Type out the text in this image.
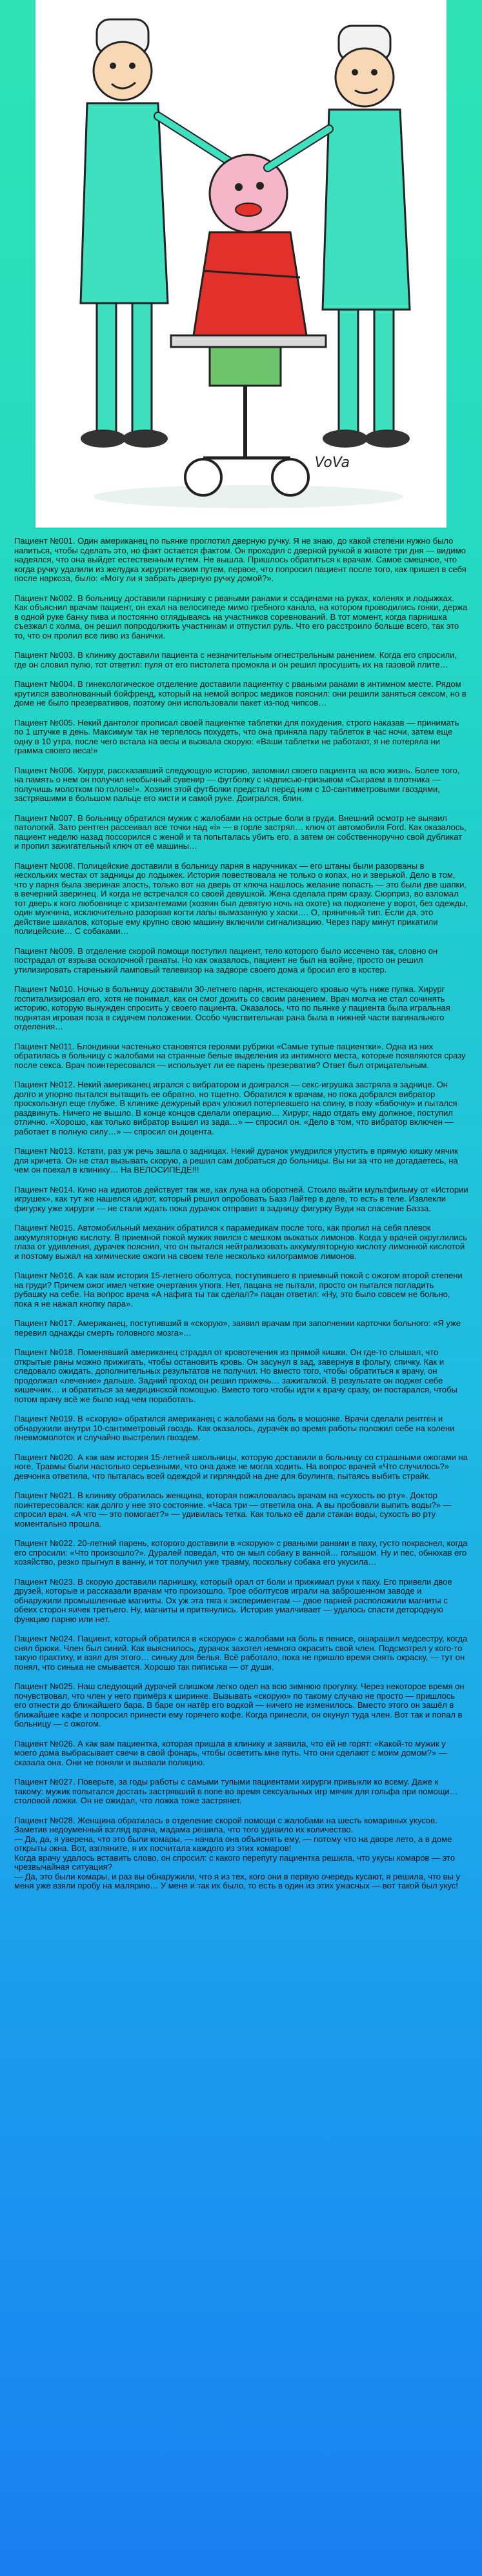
VoVa

Пациент №001. Один американец по пьянке проглотил дверную ручку. Я не знаю, до какой степени нужно было напиться, чтобы сделать это, но факт остается фактом. Он проходил с дверной ручкой в животе три дня — видимо надеялся, что она выйдет естественным путем. Не вышла. Пришлось обратиться к врачам. Самое смешное, что когда ручку удалили из желудка хирургическим путем, первое, что попросил пациент после того, как пришел в себя после наркоза, было: «Могу ли я забрать дверную ручку домой?».

Пациент №002. В больницу доставили парнишку с рваными ранами и ссадинами на руках, коленях и лодыжках. Как объяснил врачам пациент, он ехал на велосипеде мимо гребного канала, на котором проводились гонки, держа в одной руке банку пива и постоянно оглядываясь на участников соревнований. В тот момент, когда парнишка съезжал с холма, он решил попродолжить участникам и отпустил руль. Что его расстроило больше всего, так это то, что он пролил все пиво из банички.

Пациент №003. В клинику доставили пациента с незначительным огнестрельным ранением. Когда его спросили, где он словил пулю, тот ответил: пуля от его пистолета промокла и он решил просушить их на газовой плите…

Пациент №004. В гинекологическое отделение доставили пациентку с рваными ранами в интимном месте. Рядом крутился взволнованный бойфренд, который на немой вопрос медиков пояснил: они решили заняться сексом, но в доме не было презервативов, поэтому они использовали пакет из-под чипсов…

Пациент №005. Некий дантолог прописал своей пациентке таблетки для похудения, строго наказав — принимать по 1 штучке в день. Максимум так не терпелось похудеть, что она приняла пару таблеток в час ночи, затем еще одну в 10 утра, после чего встала на весы и вызвала скорую: «Ваши таблетки не работают, я не потеряла ни грамма своего веса!»

Пациент №006. Хирург, рассказавший следующую историю, запомнил своего пациента на всю жизнь. Более того, на память о нем он получил необычный сувенир — футболку с надписью-призывом «Сыграем в плотника — получишь молотком по голове!». Хозяин этой футболки предстал перед ним с 10-сантиметровыми гвоздями, застрявшими в большом пальце его кисти и самой руке. Доигрался, блин.

Пациент №007. В больницу обратился мужик с жалобами на острые боли в груди. Внешний осмотр не выявил патологий. Зато рентген рассеивал все точки над «i» — в горле застрял… ключ от автомобиля Ford. Как оказалось, пациент неделю назад поссорился с женой и та попыталась убить его, а затем он собственноручно свой дубликат и пропил зажигательный ключ от её машины…

Пациент №008. Полицейские доставили в больницу парня в наручниках — его штаны были разорваны в нескольких местах от задницы до лодыжек. История повествовала не только о копах, но и зверькой. Дело в том, что у парня была звериная злость, только вот на дверь от ключа нашлось желание попасть — это были две шапки, в вечерний зверинец. И когда не встречался со своей девушкой. Жена сделала прям сразу. Сюрприз, во взломал тот дверь к кого любовнице с хризантемами (хозяин был девятую ночь на охоте) на подколене у ворот, без одежды, один мужчина, исключительно разорвав когти лапы вымазанную у хаски…. О, пряничный тип. Если да, это действие шакалов, которые ему крупно свою машину включили сигнализацию. Через пару минут прикатили полицейские… С собаками…

Пациент №009. В отделение скорой помощи поступил пациент, тело которого было иссечено так, словно он пострадал от взрыва осколочной гранаты. Но как оказалось, пациент не был на войне, просто он решил утилизировать старенький ламповый телевизор на задворе своего дома и бросил его в костер.

Пациент №010. Ночью в больницу доставили 30-летнего парня, истекающего кровью чуть ниже пупка. Хирург госпитализировал его, хотя не понимал, как он смог дожить со своим ранением. Врач молча не стал сочинять историю, которую вынужден спросить у своего пациента. Оказалось, что по пьянке у пациента была игральная поднятая игровая поза в сидячем положении. Особо чувствительная рана была в нижней части вагинального отделения…

Пациент №011. Блондинки частенько становятся героями рубрики «Самые тупые пациентки». Одна из них обратилась в больницу с жалобами на странные белые выделения из интимного места, которые появляются сразу после секса. Врач поинтересовался — использует ли ее парень презерватив? Ответ был отрицательным.

Пациент №012. Некий американец игрался с вибратором и доигрался — секс-игрушка застряла в заднице. Он долго и упорно пытался вытащить ее обратно, но тщетно. Обратился к врачам, но пока добрался вибратор проскользнул еще глубже. В клинике дежурный врач уложил потерпевшего на спину, в позу «бабочку» и пытался раздвинуть. Ничего не вышло. В конце концов сделали операцию… Хирург, надо отдать ему должное, поступил отлично. «Хорошо, как только вибратор вышел из зада…» — спросил он. «Дело в том, что вибратор включен — работает в полную силу…» — спросил он доцента.

Пациент №013. Кстати, раз уж речь зашла о задницах. Некий дурачок умудрился упустить в прямую кишку мячик для кричета. Он не стал вызывать скорую, а решил сам добраться до больницы. Вы ни за что не догадаетесь, на чем он поехал в клинику… На ВЕЛОСИПЕДЕ!!!

Пациент №014. Кино на идиотов действует так же, как луна на оборотней. Стоило выйти мультфильму от «Истории игрушек», как тут же нашелся идиот, который решил опробовать Базз Лайтер в деле, то есть в теле. Извлекли фигурку уже хирурги — не стали ждать пока дурачок отправит в задницу фигурку Вуди на спасение Базза.

Пациент №015. Автомобильный механик обратился к парамедикам после того, как пролил на себя плевок аккумуляторную кислоту. В приемной покой мужик явился с мешком выжатых лимонов. Когда у врачей округлились глаза от удивления, дурачек пояснил, что он пытался нейтрализовать аккумуляторную кислоту лимонной кислотой и поэтому выжал на химические ожоги на своем теле несколько килограммов лимонов.

Пациент №016. А как вам история 15-летнего оболтуса, поступившего в приемный покой с ожогом второй степени на груди? Причем ожог имел четкие очертания утюга. Нет, пацана не пытали, просто он пытался погладить рубашку на себе. На вопрос врача «А нафига ты так сделал?» пацан ответил: «Ну, это было совсем не больно, пока я не нажал кнопку пара».

Пациент №017. Американец, поступивший в «скорую», заявил врачам при заполнении карточки больного: «Я уже перевил однажды смерть головного мозга»…

Пациент №018. Поменявший американец страдал от кровотечения из прямой кишки. Он где-то слышал, что открытые раны можно прижигать, чтобы остановить кровь. Он засунул в зад, завернув в фольгу, спичку. Как и следовало ожидать, дополнительных результатов не получил. Но вместо того, чтобы обратиться к врачу, он продолжал «лечение» дальше. Задний проход он решил прижечь… зажигалкой. В результате он поджег себе кишечник… и обратиться за медицинской помощью. Вместо того чтобы идти к врачу сразу, он постарался, чтобы потом врачу всё же было над чем поработать.

Пациент №019. В «скорую» обратился американец с жалобами на боль в мошонке. Врачи сделали рентген и обнаружили внутри 10-сантиметровый гвоздь. Как оказалось, дурачёк во время работы положил себе на колени пневмомолоток и случайно выстрелил гвоздем.

Пациент №020. А как вам история 15-летней школьницы, которую доставили в больницу со страшными ожогами на ноге. Травмы были настолько серьезными, что она даже не могла ходить. На вопрос врачей «Что случилось?» девчонка ответила, что пыталась всей одеждой и гирляндой на дне для боулинга, пытаясь выбить страйк.

Пациент №021. В клинику обратилась женщина, которая пожаловалась врачам на «сухость во рту». Доктор поинтересовался: как долго у нее это состояние. «Часа три — ответила она. А вы пробовали выпить воды?» — спросил врач. «А что — это помогает?» — удивилась тетка. Как только её дали стакан воды, сухость во рту моментально прошла.

Пациент №022. 20-летний парень, которого доставили в «скорую» с рваными ранами в паху, густо покраснел, когда его спросили: «Что произошло?». Дуралей поведал, что он мыл собаку в ванной… голышом. Ну и пес, обнюхав его хозяйство, резко прыгнул в ванну, и тот получил уже травму, поскольку собака его укусила…

Пациент №023. В скорую доставили парнишку, который орал от боли и прижимал руки к паху. Его привели двое друзей, которые и рассказали врачам что произошло. Трое оболтусов играли на заброшенном заводе и обнаружили промышленные магниты. Ох уж эта тяга к экспериментам — двое парней расположили магниты с обеих сторон яичек третьего. Ну, магниты и притянулись. История умалчивает — удалось спасти детородную функцию парню или нет.

Пациент №024. Пациент, который обратился в «скорую» с жалобами на боль в пенисе, ошарашил медсестру, когда снял брюки. Член был синий. Как выяснилось, дурачок захотел немного окрасить свой член. Подсмотрел у кого-то такую практику, и взял для этого… синьку для белья. Всё работало, пока не пришло время снять окраску, — тут он понял, что синька не смывается. Хорошо так пиписька — от души.

Пациент №025. Наш следующий дурачей слишком легко одел на всю зимнюю прогулку. Через некоторое время он почувствовал, что член у него примёрз к ширинке. Вызывать «скорую» по такому случаю не просто — пришлось его отнести до ближайшего бара. В баре он натёр его водкой — ничего не изменилось. Вместо этого он зашёл в ближайшее кафе и попросил принести ему горячего кофе. Когда принесли, он окунул туда член. Вот так и попал в больницу — с ожогом.

Пациент №026. А как вам пациентка, которая пришла в клинику и заявила, что ей не горят: «Какой-то мужик у моего дома выбрасывает свечи в свой фонарь, чтобы осветить мне путь. Что они сделают с моим домом?» — сказала она. Они не поняли и вызвали полицию.

Пациент №027. Поверьте, за годы работы с самыми тупыми пациентами хирурги привыкли ко всему. Даже к такому: мужик попытался достать застрявший в попе во время сексуальных игр мячик для гольфа при помощи… столовой ложки. Он не ожидал, что ложка тоже застрянет.

Пациент №028. Женщина обратилась в отделение скорой помощи с жалобами на шесть комариных укусов. Заметив недоуменный взгляд врача, мадама решила, что того удивило их количество.
— Да, да, я уверена, что это были комары, — начала она объяснять ему, — потому что на дворе лето, а в доме открыты окна. Вот, взгляните, я их посчитала каждого из этих комаров!
Когда врачу удалось вставить слово, он спросил: с какого перепугу пациентка решила, что укусы комаров — это чрезвычайная ситуация?
— Да, это были комары, и раз вы обнаружили, что я из тех, кого они в первую очередь кусают, я решила, что вы у меня уже взяли пробу на малярию… У меня и так их было, то есть в один из этих ужасных — вот такой был укус!
